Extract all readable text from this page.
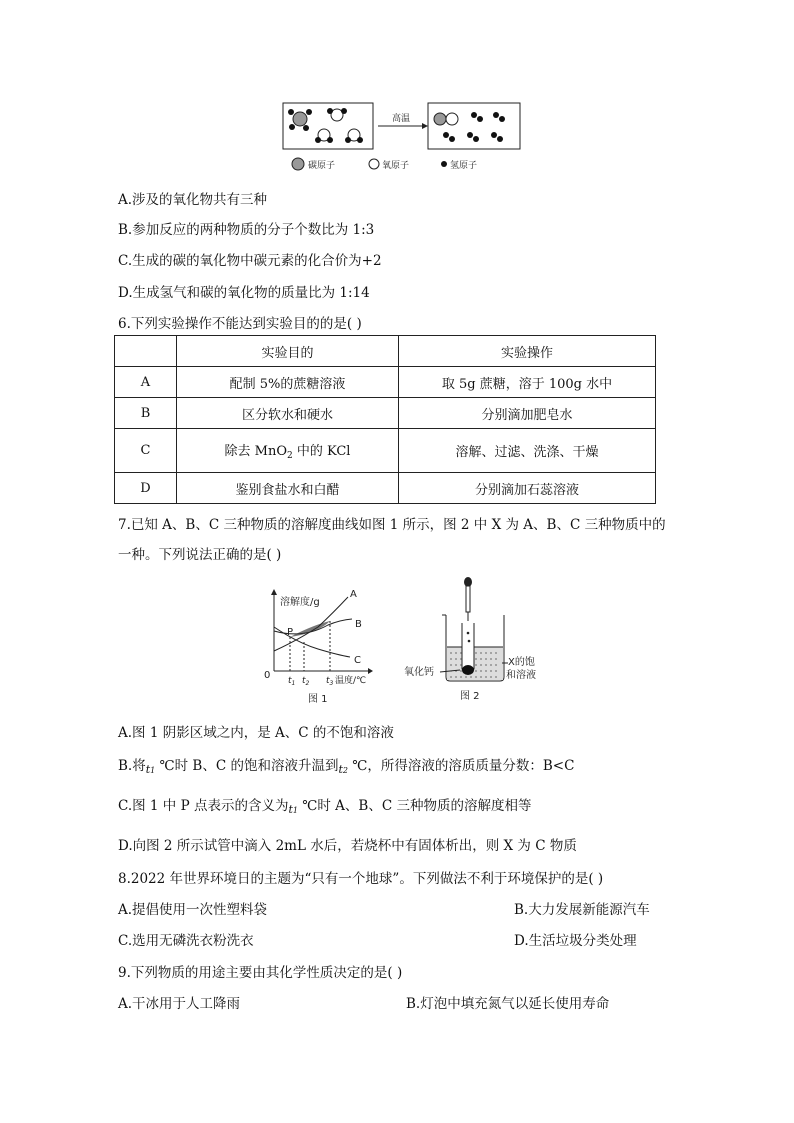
高温
碳原子	氧原子	氢原子
A.涉及的氧化物共有三种
B.参加反应的两种物质的分子个数比为 1:3
C.生成的碳的氧化物中碳元素的化合价为+2
D.生成氢气和碳的氧化物的质量比为 1:14
6.下列实验操作不能达到实验目的的是( )
	实验目的	实验操作
A	配制 5%的蔗糖溶液	取 5g 蔗糖，溶于 100g 水中
B	区分软水和硬水	分别滴加肥皂水
C	除去 MnO$_2$ 中的 KCl	溶解、过滤、洗涤、干燥
D	鉴别食盐水和白醋	分别滴加石蕊溶液
7.已知 A、B、C 三种物质的溶解度曲线如图 1 所示，图 2 中 X 为 A、B、C 三种物质中的
一种。下列说法正确的是( )
溶解度/g
0
P
A
B
C
$t_1$ $t_2$ $t_3$ 温度/℃
图 1
氧化钙
X的饱
和溶液
图 2
A.图 1 阴影区域之内，是 A、C 的不饱和溶液
B.将$_{t1}$ ℃时 B、C 的饱和溶液升温到$_{t2}$ ℃，所得溶液的溶质质量分数：B<C
C.图 1 中 P 点表示的含义为$_{t1}$ ℃时 A、B、C 三种物质的溶解度相等
D.向图 2 所示试管中滴入 2mL 水后，若烧杯中有固体析出，则 X 为 C 物质
8.2022 年世界环境日的主题为“只有一个地球”。下列做法不利于环境保护的是( )
A.提倡使用一次性塑料袋	B.大力发展新能源汽车
C.选用无磷洗衣粉洗衣	D.生活垃圾分类处理
9.下列物质的用途主要由其化学性质决定的是( )
A.干冰用于人工降雨	B.灯泡中填充氮气以延长使用寿命
